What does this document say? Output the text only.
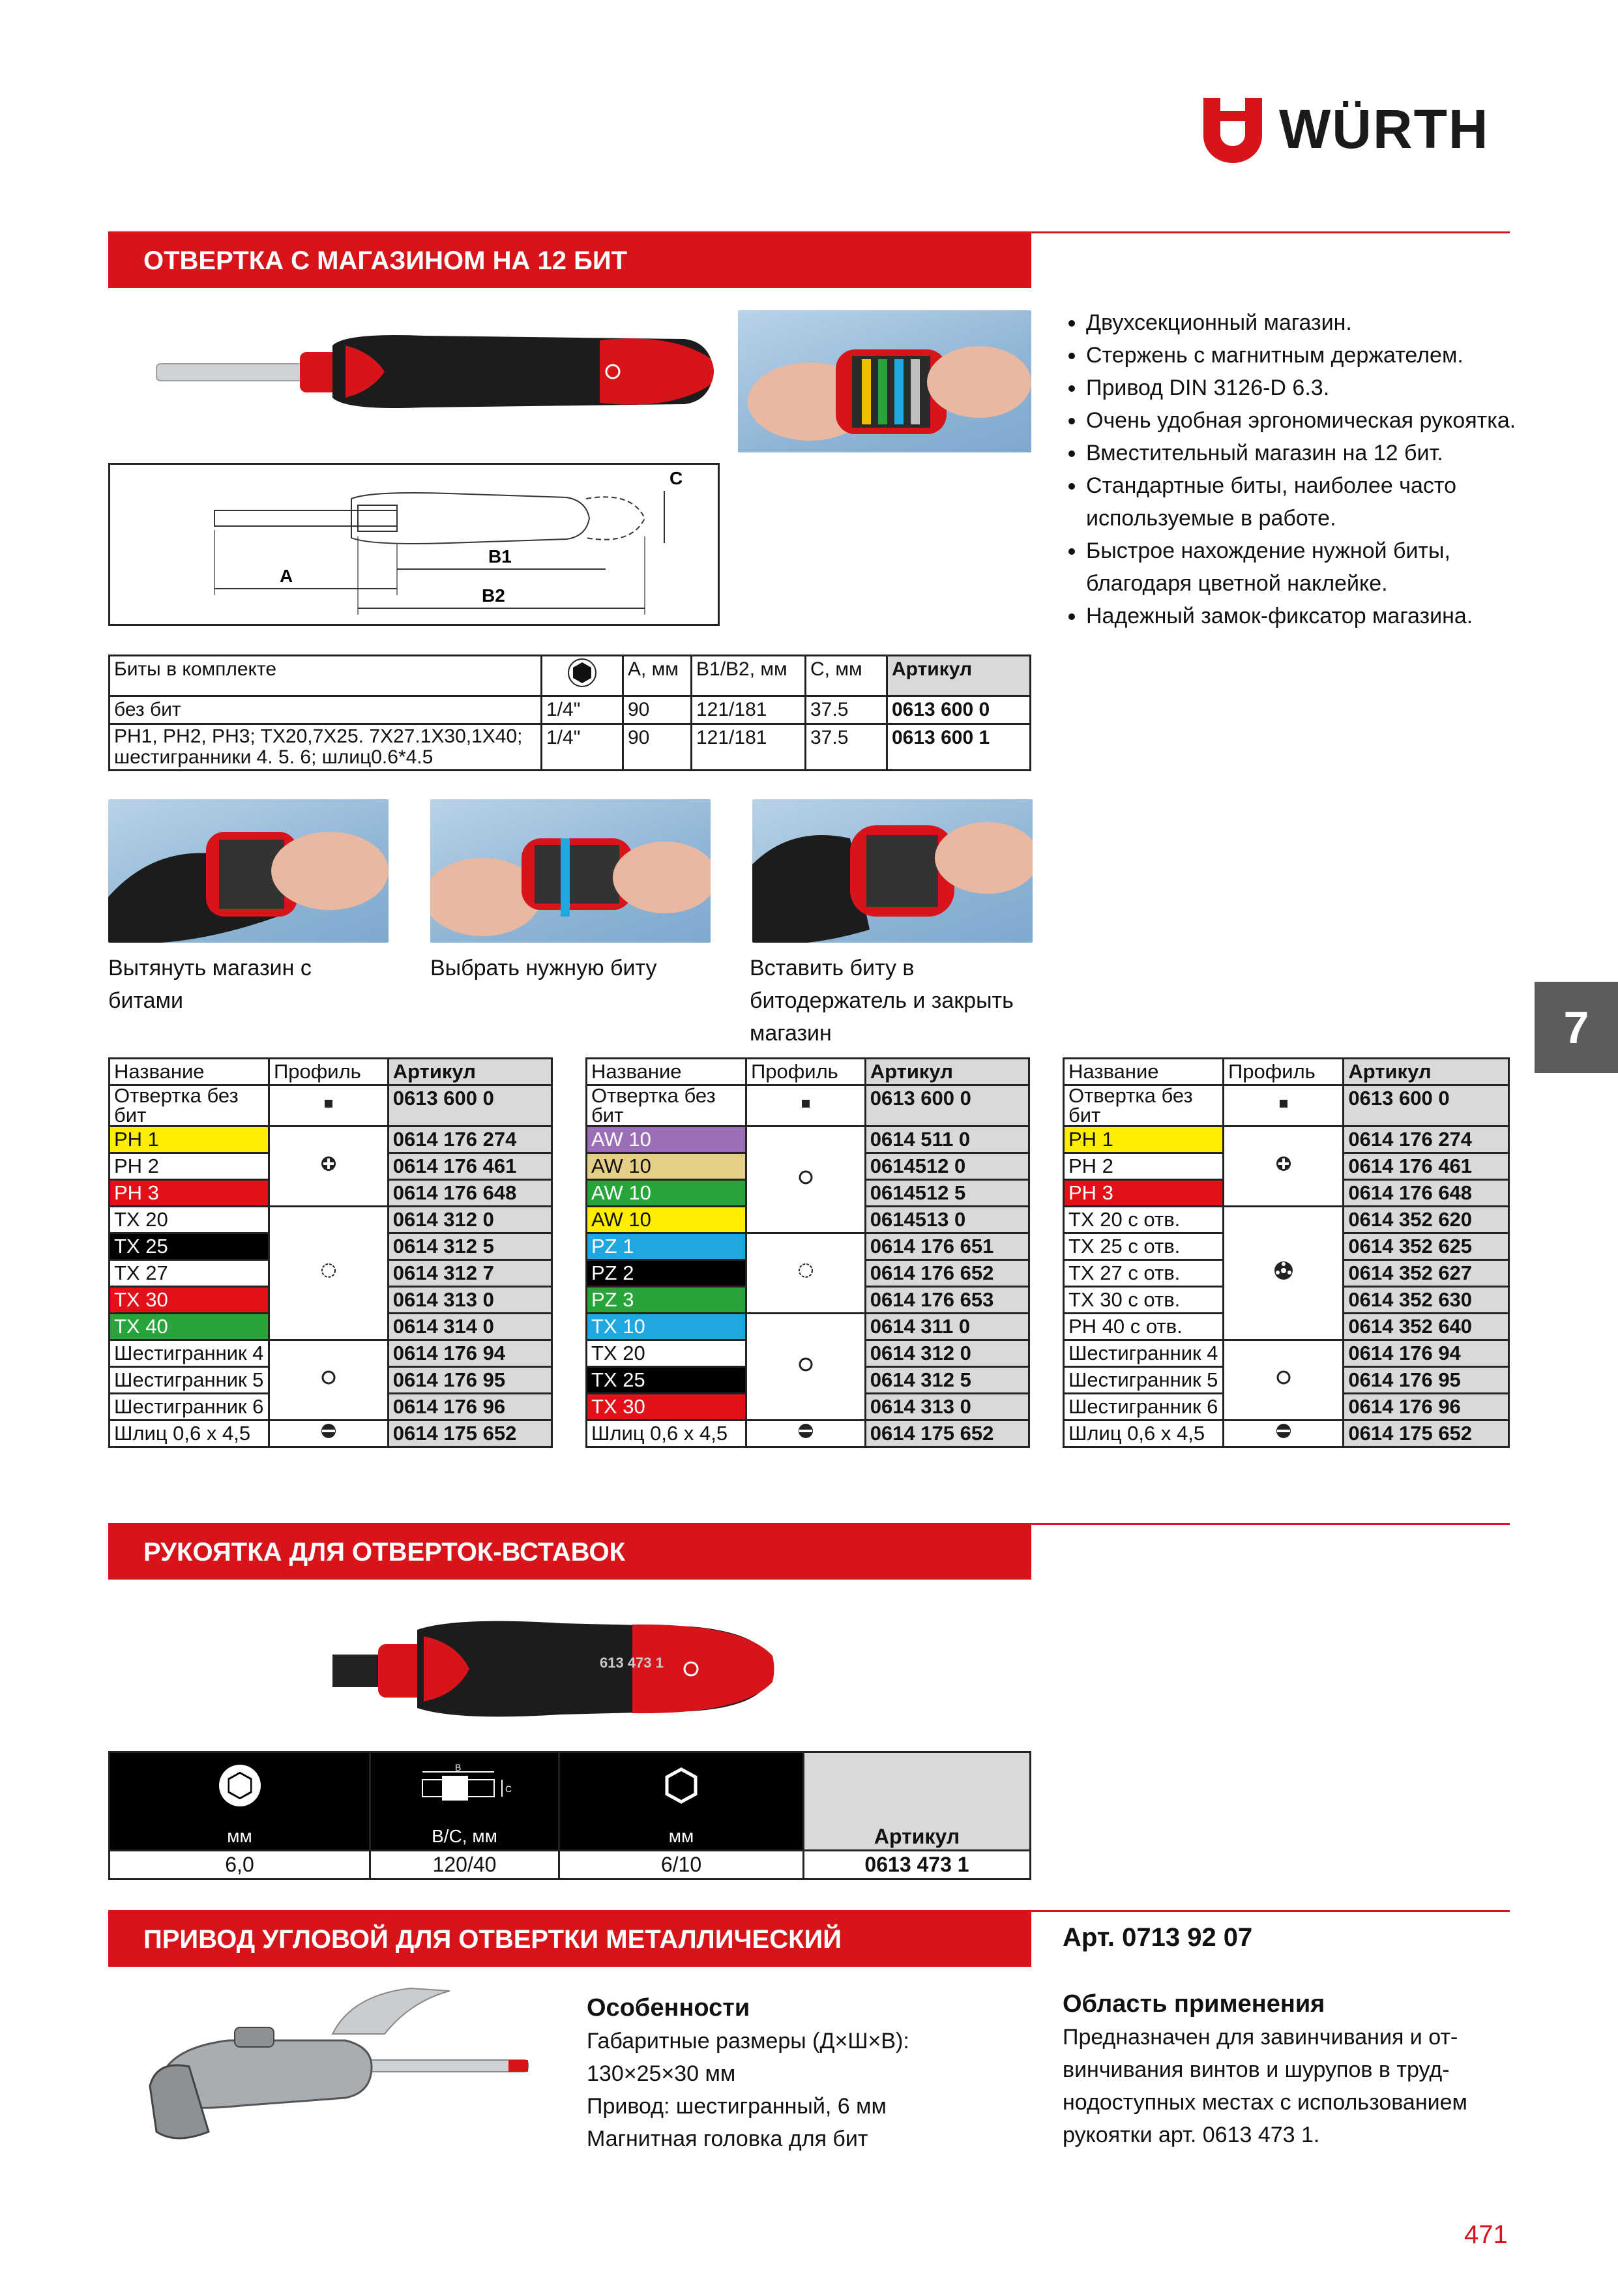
WÜRTH
ОТВЕРТКА С МАГАЗИНОМ НА 12 БИТ
A
B1
B2
C
• Двухсекционный магазин.
• Стержень с магнитным держателем.
• Привод DIN 3126-D 6.3.
• Очень удобная эргономическая рукоятка.
• Вместительный магазин на 12 бит.
• Стандартные биты, наиболее часто используемые в работе.
• Быстрое нахождение нужной биты, благодаря цветной наклейке.
• Надежный замок-фиксатор магазина.
Биты в комплекте		A, мм	B1/B2, мм	C, мм	Артикул
без бит	1/4"	90	121/181	37.5	0613 600 0
PH1, PH2, PH3; TX20,7X25. 7X27.1X30,1X40; шестигранники 4. 5. 6; шлиц0.6*4.5	1/4"	90	121/181	37.5	0613 600 1
Вытянуть магазин с битами
Выбрать нужную биту	Вставить биту в битодержатель и закрыть магазин	7
Название	Профиль	Артикул
Отвертка без бит		0613 600 0
PH 1		0614 176 274
PH 2		0614 176 461
PH 3		0614 176 648
TX 20		0614 312 0
TX 25		0614 312 5
TX 27		0614 312 7
TX 30		0614 313 0
TX 40		0614 314 0
Шестигранник 4		0614 176 94
Шестигранник 5		0614 176 95
Шестигранник 6		0614 176 96
Шлиц 0,6 x 4,5		0614 175 652
Название	Профиль	Артикул
Отвертка без бит		0613 600 0
AW 10		0614 511 0
AW 10		0614512 0
AW 10		0614512 5
AW 10		0614513 0
PZ 1		0614 176 651
PZ 2		0614 176 652
PZ 3		0614 176 653
TX 10		0614 311 0
TX 20		0614 312 0
TX 25		0614 312 5
TX 30		0614 313 0
Шлиц 0,6 x 4,5		0614 175 652
Название	Профиль	Артикул
Отвертка без бит		0613 600 0
PH 1		0614 176 274
PH 2		0614 176 461
PH 3		0614 176 648
TX 20 с отв.		0614 352 620
TX 25 с отв.		0614 352 625
TX 27 с отв.		0614 352 627
TX 30 с отв.		0614 352 630
PH 40 с отв.		0614 352 640
Шестигранник 4		0614 176 94
Шестигранник 5		0614 176 95
Шестигранник 6		0614 176 96
Шлиц 0,6 x 4,5		0614 175 652
РУКОЯТКА ДЛЯ ОТВЕРТОК-ВСТАВОК
613 473 1

B
C

мм	B/C, мм	мм	Артикул
6,0	120/40	6/10	0613 473 1
ПРИВОД УГЛОВОЙ ДЛЯ ОТВЕРТКИ МЕТАЛЛИЧЕСКИЙ	Арт. 0713 92 07
Особенности
Габаритные размеры (Д×Ш×В):
130×25×30 мм
Привод: шестигранный, 6 мм
Магнитная головка для бит
Область применения
Предназначен для завинчивания и от-
винчивания винтов и шурупов в труд-
нодоступных местах с использованием
рукоятки арт. 0613 473 1.
471
